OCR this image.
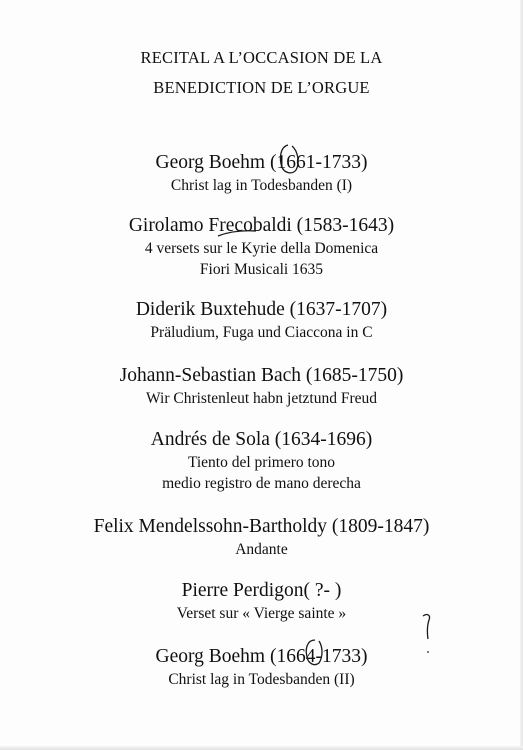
RECITAL A L’OCCASION DE LA
BENEDICTION DE L’ORGUE
Georg Boehm (1661-1733)
Christ lag in Todesbanden (I)
Girolamo Frecobaldi (1583-1643)
4 versets sur le Kyrie della Domenica
Fiori Musicali 1635
Diderik Buxtehude (1637-1707)
Präludium, Fuga und Ciaccona in C
Johann-Sebastian Bach (1685-1750)
Wir Christenleut habn jetztund Freud
Andrés de Sola (1634-1696)
Tiento del primero tono
medio registro de mano derecha
Felix Mendelssohn-Bartholdy (1809-1847)
Andante
Pierre Perdigon( ?- )
Verset sur « Vierge sainte »
Georg Boehm (1664-1733)
Christ lag in Todesbanden (II)
